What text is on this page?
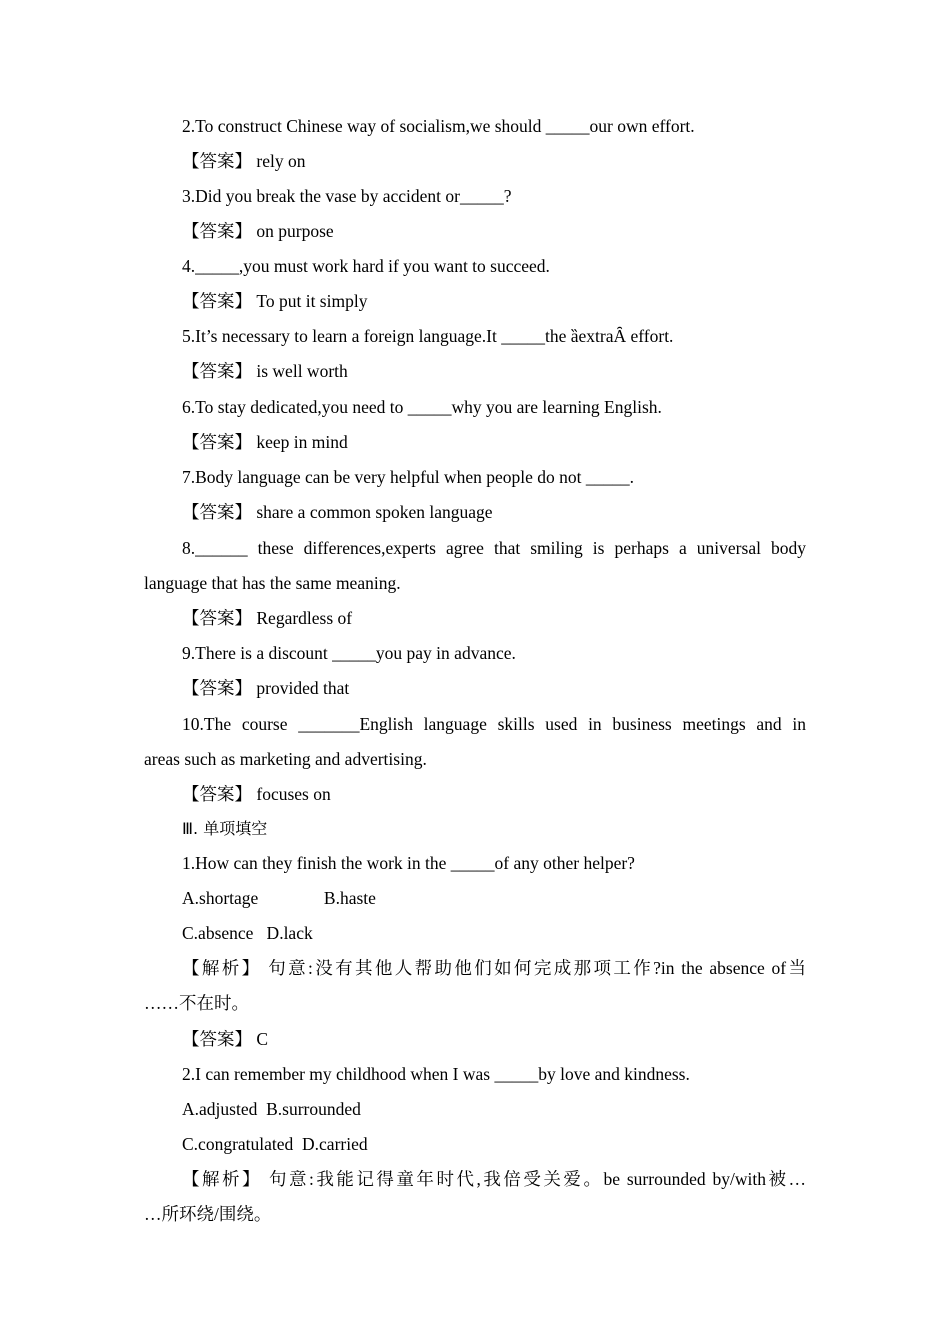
2.To construct Chinese way of socialism,we should _____our own effort.
【答案】 rely on
3.Did you break the vase by accident or_____?
【答案】 on purpose
4._____,you must work hard if you want to succeed.
【答案】 To put it simply
5.It’s necessary to learn a foreign language.It _____the ȁextraȂ effort.
【答案】 is well worth
6.To stay dedicated,you need to _____why you are learning English.
【答案】 keep in mind
7.Body language can be very helpful when people do not _____.
【答案】 share a common spoken language
8.______ these differences,experts agree that smiling is perhaps a universal body
language that has the same meaning.
【答案】 Regardless of
9.There is a discount _____you pay in advance.
【答案】 provided that
10.The course _______English language skills used in business meetings and in
areas such as marketing and advertising.
【答案】 focuses on
Ⅲ. 单项填空
1.How can they finish the work in the _____of any other helper?
A.shortage               B.haste
C.absence   D.lack
【解析】 句意:没有其他人帮助他们如何完成那项工作?in the absence of当
……不在时。
【答案】 C
2.I can remember my childhood when I was _____by love and kindness.
A.adjusted  B.surrounded
C.congratulated  D.carried
【解析】 句意:我能记得童年时代,我倍受关爱。be surrounded by/with被…
…所环绕/围绕。
